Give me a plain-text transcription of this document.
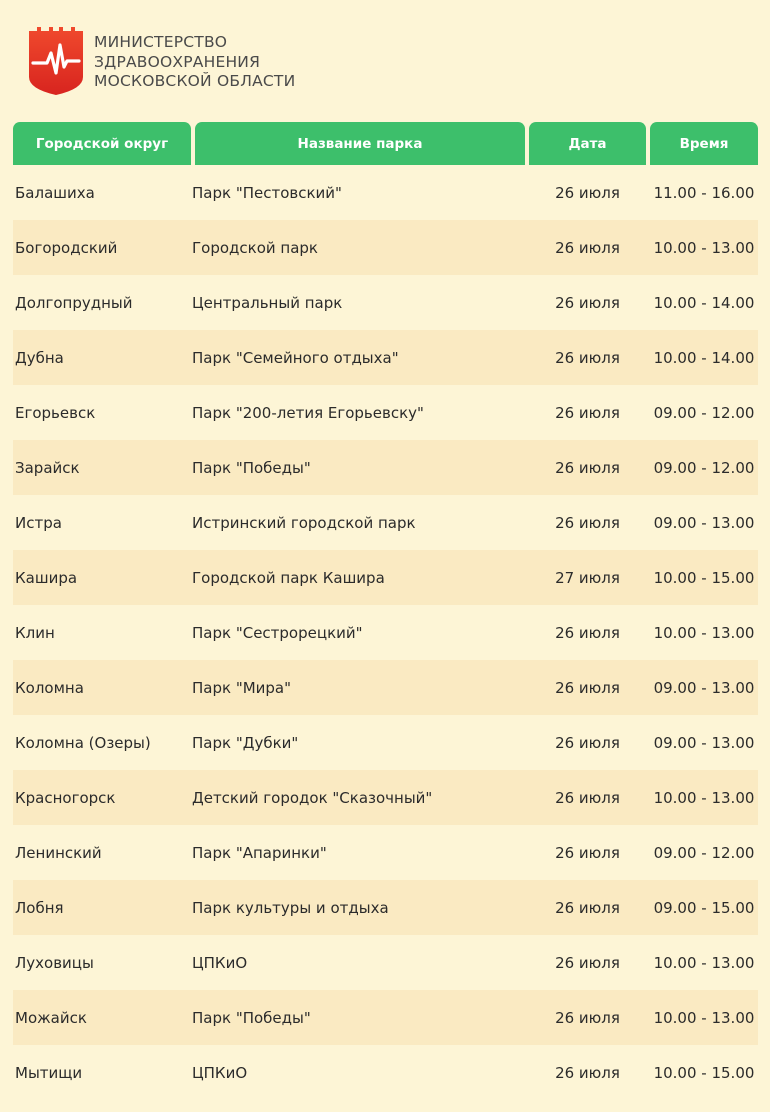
МИНИСТЕРСТВО
ЗДРАВООХРАНЕНИЯ
МОСКОВСКОЙ ОБЛАСТИ
Городской округ	Название парка	Дата	Время
Балашиха	Парк "Пестовский"	26 июля	11.00 - 16.00
Богородский	Городской парк	26 июля	10.00 - 13.00
Долгопрудный	Центральный парк	26 июля	10.00 - 14.00
Дубна	Парк "Семейного отдыха"	26 июля	10.00 - 14.00
Егорьевск	Парк "200-летия Егорьевску"	26 июля	09.00 - 12.00
Зарайск	Парк "Победы"	26 июля	09.00 - 12.00
Истра	Истринский городской парк	26 июля	09.00 - 13.00
Кашира	Городской парк Кашира	27 июля	10.00 - 15.00
Клин	Парк "Сестрорецкий"	26 июля	10.00 - 13.00
Коломна	Парк "Мира"	26 июля	09.00 - 13.00
Коломна (Озеры)	Парк "Дубки"	26 июля	09.00 - 13.00
Красногорск	Детский городок "Сказочный"	26 июля	10.00 - 13.00
Ленинский	Парк "Апаринки"	26 июля	09.00 - 12.00
Лобня	Парк культуры и отдыха	26 июля	09.00 - 15.00
Луховицы	ЦПКиО	26 июля	10.00 - 13.00
Можайск	Парк "Победы"	26 июля	10.00 - 13.00
Мытищи	ЦПКиО	26 июля	10.00 - 15.00
